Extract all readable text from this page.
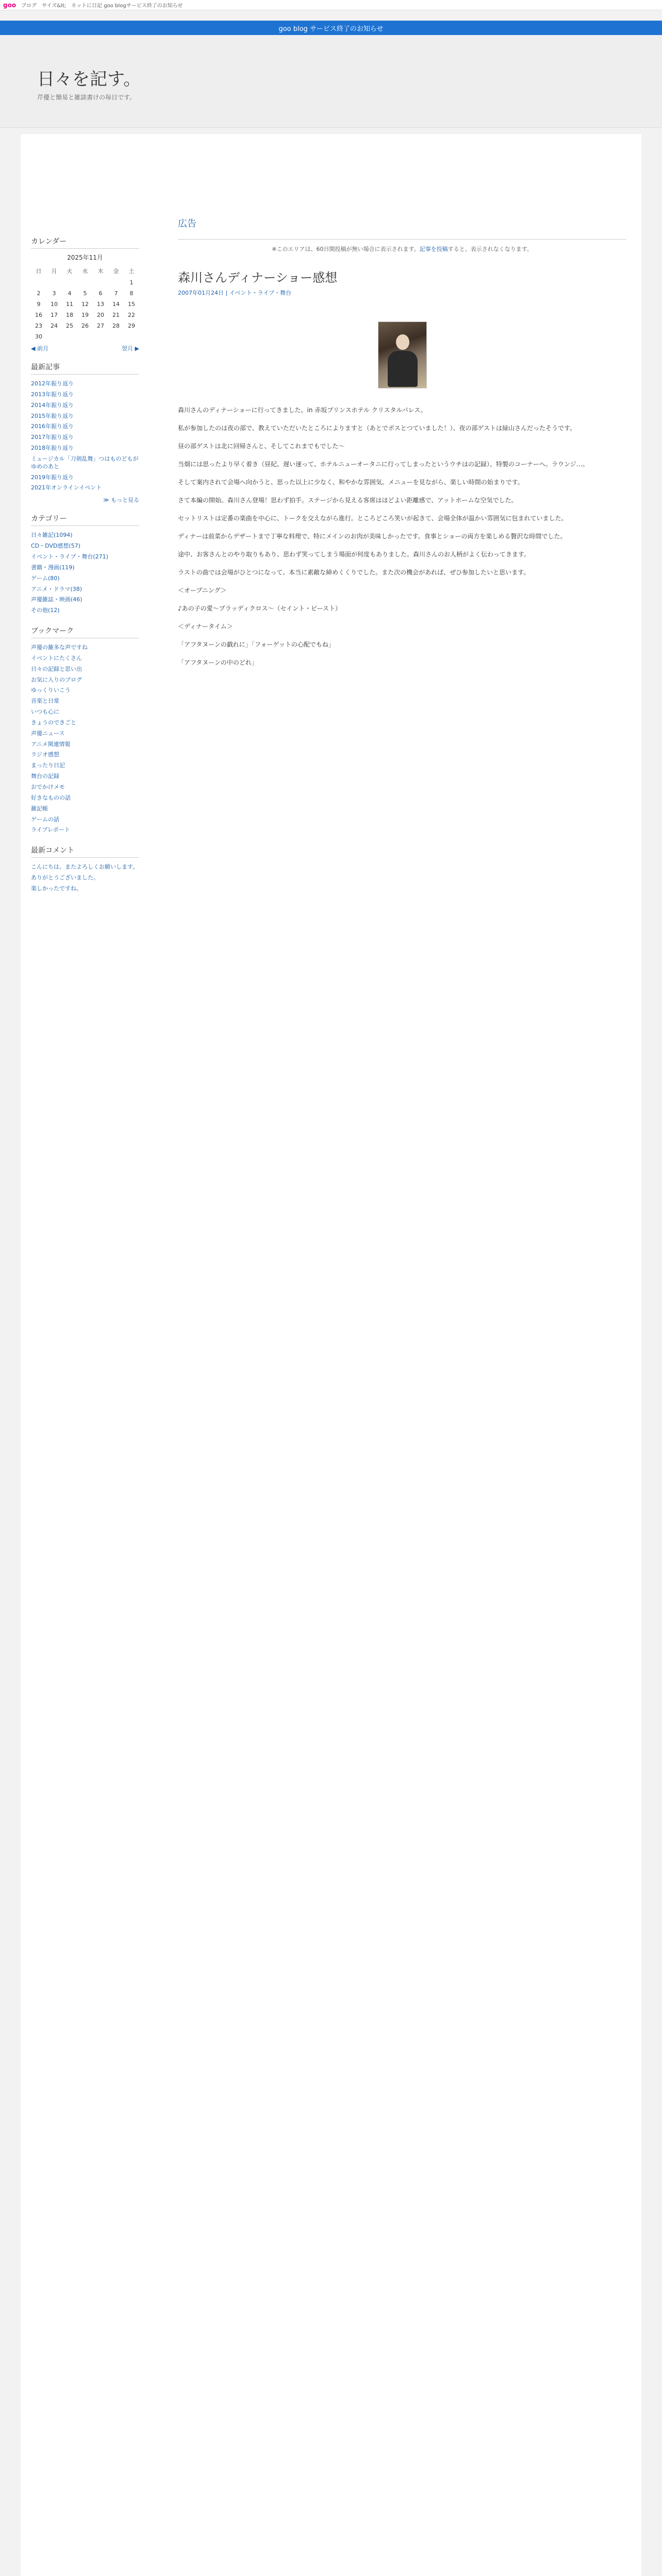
goo ブログ サイズ&lt; ネットに日記 goo blogサービス終了のお知らせ
goo blog サービス終了のお知らせ
日々を記す。
芹優と簡易と雑談書けの毎日です。
カレンダー
2025年11月
日	月	火	水	木	金	土
						1
2	3	4	5	6	7	8
9	10	11	12	13	14	15
16	17	18	19	20	21	22
23	24	25	26	27	28	29
30						
◀ 前月	翌月 ▶
最新記事
2012年振り返り
2013年振り返り
2014年振り返り
2015年振り返り
2016年振り返り
2017年振り返り
2018年振り返り
ミュージカル「刀剣乱舞」つはものどもがゆめのあと
2019年振り返り
2021年オンラインイベント
≫ もっと見る
カテゴリー
日々雑記(1094)
CD・DVD感想(57)
イベント・ライブ・舞台(271)
書籍・漫画(119)
ゲーム(80)
アニメ・ドラマ(38)
声優雑誌・映画(46)
その他(12)
ブックマーク
声優の雑多な声ですね
イベントにたくさん
日々の記録と思い出
お気に入りのブログ
ゆっくりいこう
音楽と日常
いつも心に
きょうのできごと
声優ニュース
アニメ関連情報
ラジオ感想
まったり日記
舞台の記録
おでかけメモ
好きなものの話
雑記帳
ゲームの話
ライブレポート
最新コメント
こんにちは。またよろしくお願いします。
ありがとうございました。
楽しかったですね。
広告
※このエリアは、60日間投稿が無い場合に表示されます。記事を投稿すると、表示されなくなります。
森川さんディナーショー感想
2007年01月24日 | イベント・ライブ・舞台

森川さんのディナーショーに行ってきました。in 赤坂プリンスホテル クリスタルパレス。

私が参加したのは夜の部で、教えていただいたところによりますと（あとでポスとつていました！）、夜の部ゲストは緑山さんだったそうです。

昼の部ゲストは北に回帰さんと、そしてこれまでもでした〜

当畑には思ったより早く着き（昼紀、遅い速って、ホテルニューオータニに行ってしまったというウチはの記録）、特製のコーナーへ。ラウンジ…。

そして案内されて会場へ向かうと、思った以上に少なく、和やかな雰囲気。メニューを見ながら、楽しい時間の始まりです。

さて本編の開始。森川さん登場！思わず拍手。ステージから見える客席はほどよい距離感で、アットホームな空気でした。

セットリストは定番の楽曲を中心に、トークを交えながら進行。ところどころ笑いが起きて、会場全体が温かい雰囲気に包まれていました。

ディナーは前菜からデザートまで丁寧な料理で、特にメインのお肉が美味しかったです。食事とショーの両方を楽しめる贅沢な時間でした。

途中、お客さんとのやり取りもあり、思わず笑ってしまう場面が何度もありました。森川さんのお人柄がよく伝わってきます。

ラストの曲では会場がひとつになって、本当に素敵な締めくくりでした。また次の機会があれば、ぜひ参加したいと思います。

＜オープニング＞

♪あの子の愛〜プラッディクロス〜（セイント・ビースト）

＜ディナータイム＞

「アフタヌーンの戯れに」「フォーゲットの心配でもね」

「アフタヌーンの中のどれ」
